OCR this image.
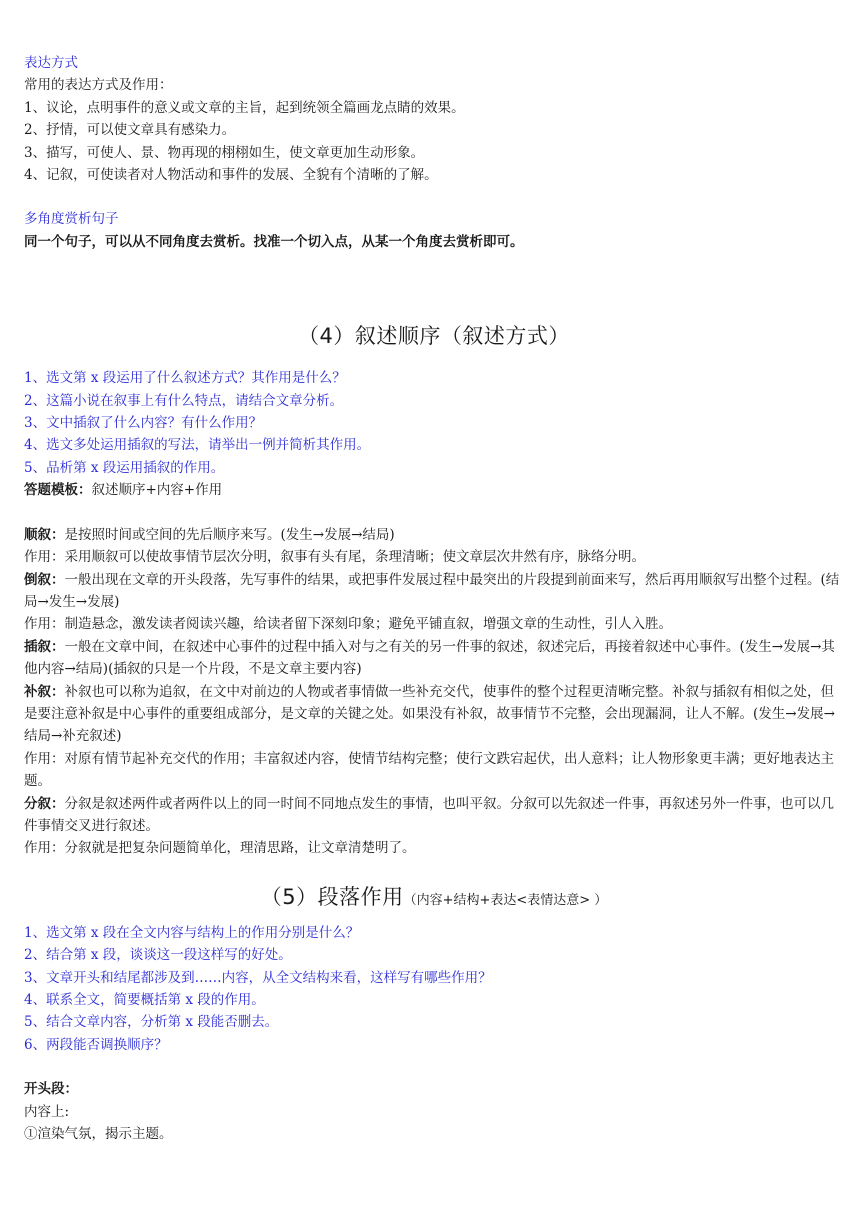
表达方式
常用的表达方式及作用：
1、议论，点明事件的意义或文章的主旨，起到统领全篇画龙点睛的效果。
2、抒情，可以使文章具有感染力。
3、描写，可使人、景、物再现的栩栩如生，使文章更加生动形象。
4、记叙，可使读者对人物活动和事件的发展、全貌有个清晰的了解。
多角度赏析句子
同一个句子，可以从不同角度去赏析。找准一个切入点，从某一个角度去赏析即可。
（4）叙述顺序（叙述方式）
1、选文第 x 段运用了什么叙述方式？其作用是什么？
2、这篇小说在叙事上有什么特点，请结合文章分析。
3、文中插叙了什么内容？有什么作用？
4、选文多处运用插叙的写法，请举出一例并简析其作用。
5、品析第 x 段运用插叙的作用。
答题模板：叙述顺序+内容+作用
顺叙：是按照时间或空间的先后顺序来写。(发生→发展→结局)
作用：采用顺叙可以使故事情节层次分明，叙事有头有尾，条理清晰；使文章层次井然有序，脉络分明。
倒叙：一般出现在文章的开头段落，先写事件的结果，或把事件发展过程中最突出的片段提到前面来写，然后再用顺叙写出整个过程。(结局→发生→发展)
作用：制造悬念，激发读者阅读兴趣，给读者留下深刻印象；避免平铺直叙，增强文章的生动性，引人入胜。
插叙：一般在文章中间，在叙述中心事件的过程中插入对与之有关的另一件事的叙述，叙述完后，再接着叙述中心事件。(发生→发展→其他内容→结局)(插叙的只是一个片段，不是文章主要内容)
补叙：补叙也可以称为追叙，在文中对前边的人物或者事情做一些补充交代，使事件的整个过程更清晰完整。补叙与插叙有相似之处，但是要注意补叙是中心事件的重要组成部分，是文章的关键之处。如果没有补叙，故事情节不完整，会出现漏洞，让人不解。(发生→发展→结局→补充叙述)
作用：对原有情节起补充交代的作用；丰富叙述内容，使情节结构完整；使行文跌宕起伏，出人意料；让人物形象更丰满；更好地表达主题。
分叙：分叙是叙述两件或者两件以上的同一时间不同地点发生的事情，也叫平叙。分叙可以先叙述一件事，再叙述另外一件事，也可以几件事情交叉进行叙述。
作用：分叙就是把复杂问题简单化，理清思路，让文章清楚明了。
（5）段落作用（内容+结构+表达<表情达意> ）
1、选文第 x 段在全文内容与结构上的作用分别是什么？
2、结合第 x 段，谈谈这一段这样写的好处。
3、文章开头和结尾都涉及到……内容，从全文结构来看，这样写有哪些作用？
4、联系全文，简要概括第 x 段的作用。
5、结合文章内容，分析第 x 段能否删去。
6、两段能否调换顺序？
开头段：
内容上:
①渲染气氛，揭示主题。
